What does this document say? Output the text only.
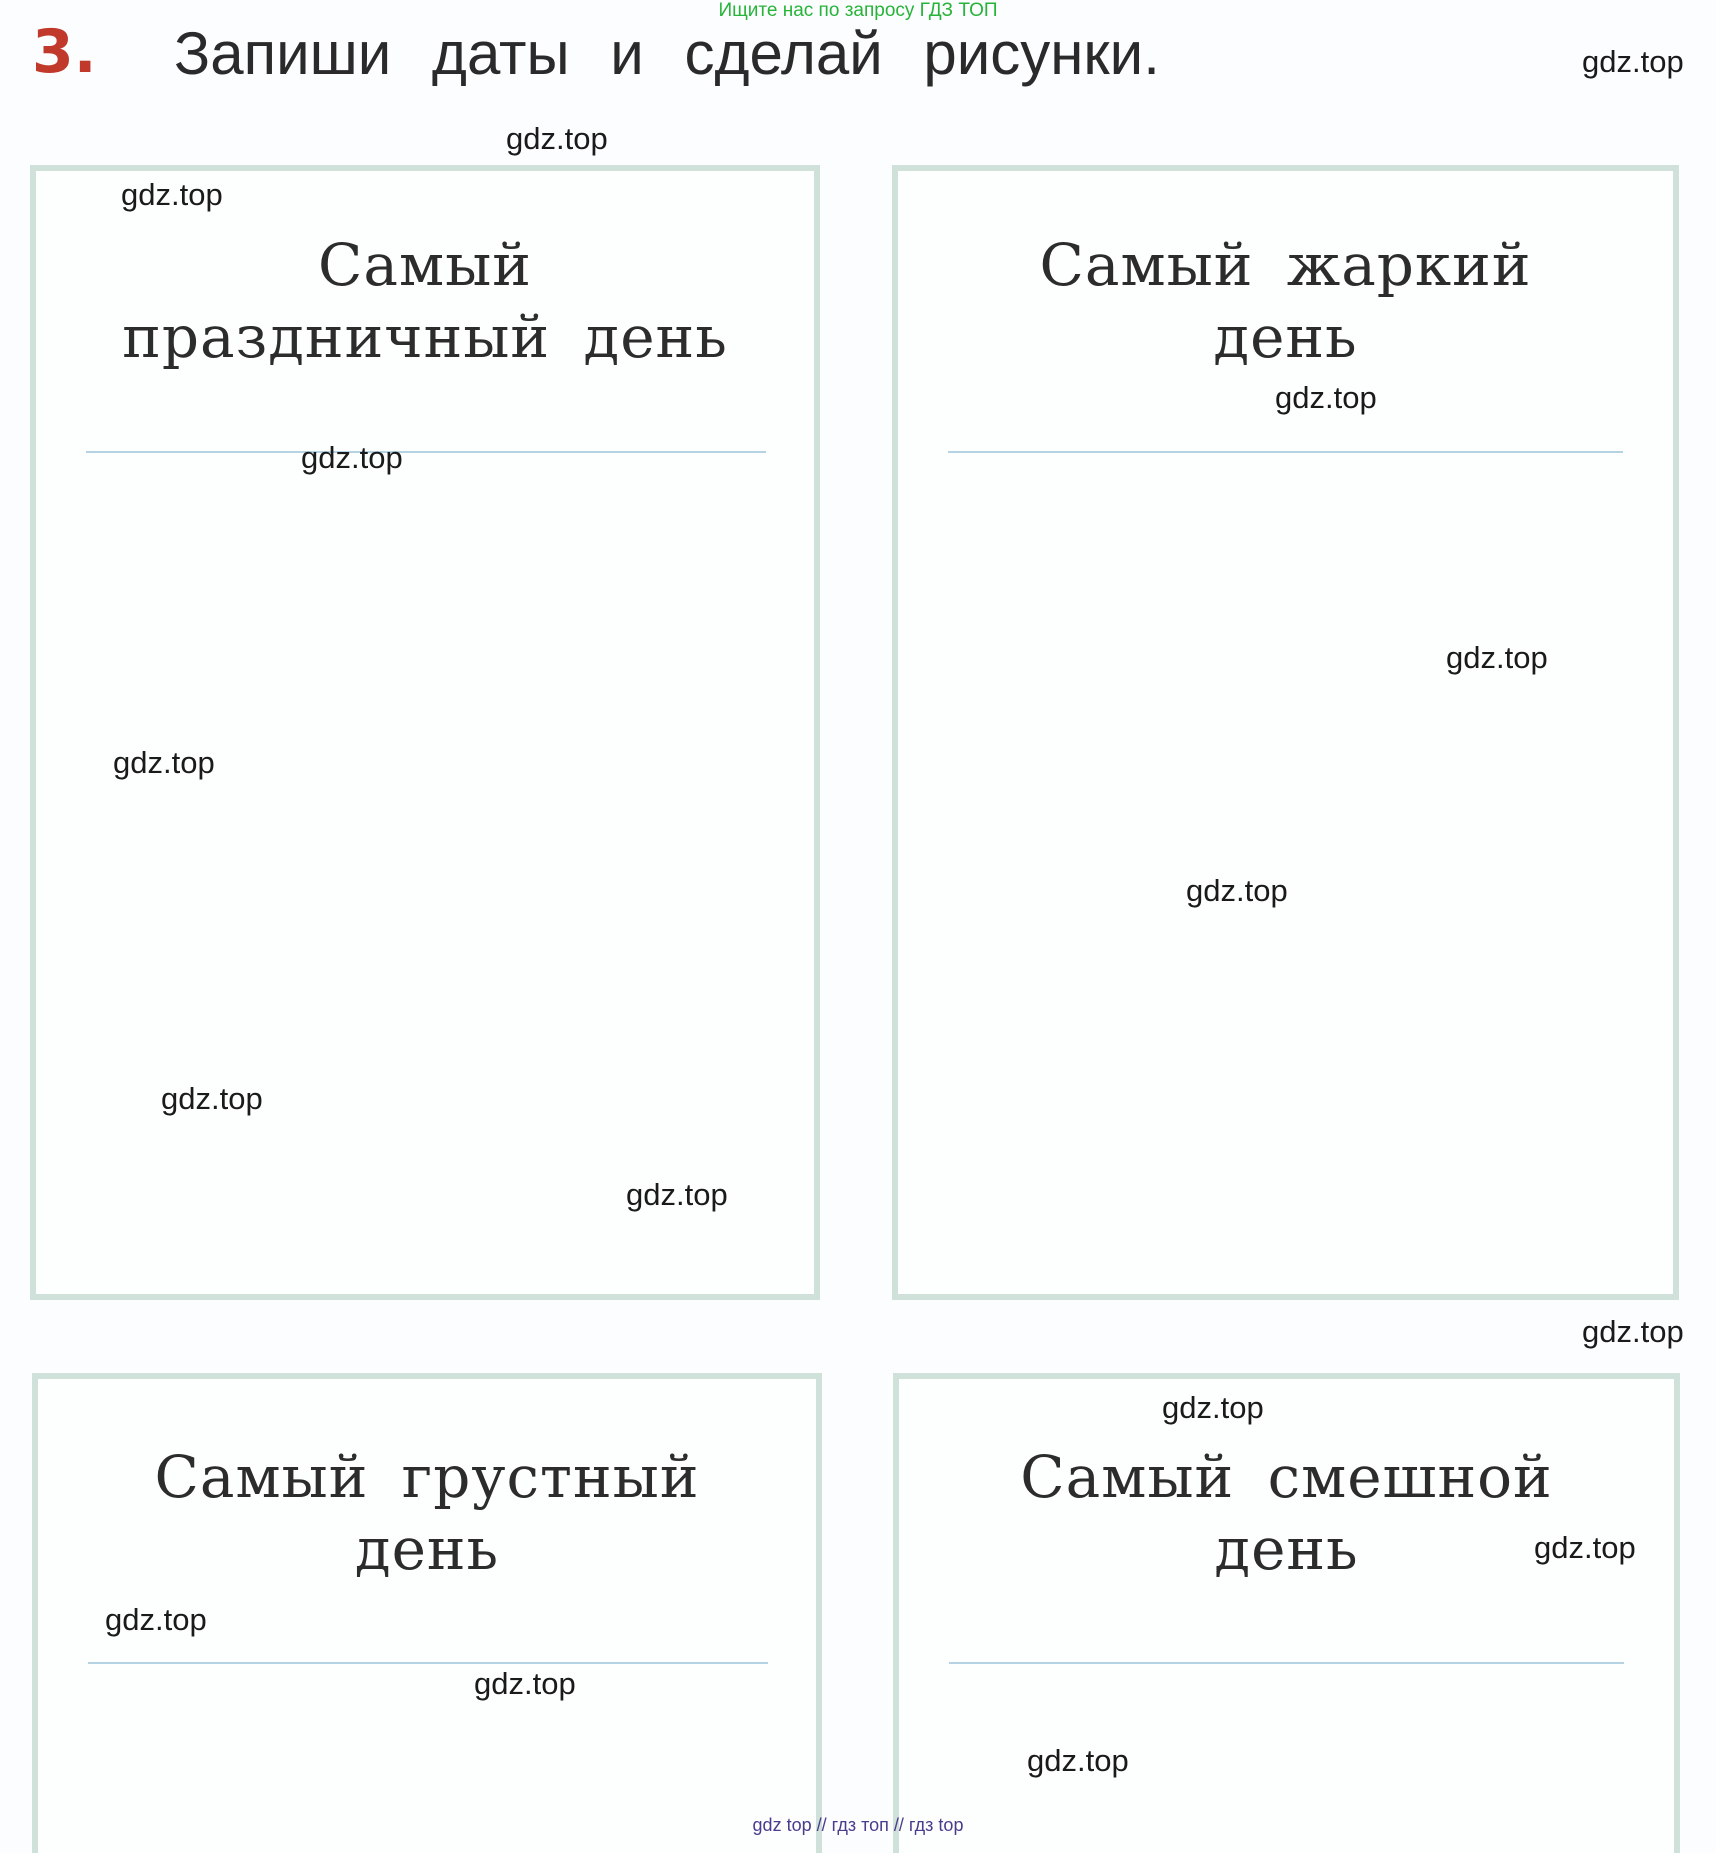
Ищите нас по запросу ГДЗ ТОП
3. Запиши даты и сделай рисунки.
Самый
праздничный день
Самый жаркий
день
Самый грустный
день
Самый смешной
день
gdz.top
gdz.top
gdz.top
gdz.top
gdz.top
gdz.top
gdz.top
gdz.top
gdz.top
gdz.top
gdz.top
gdz.top
gdz.top
gdz.top
gdz.top
gdz.top
gdz top // гдз топ // гдз top
